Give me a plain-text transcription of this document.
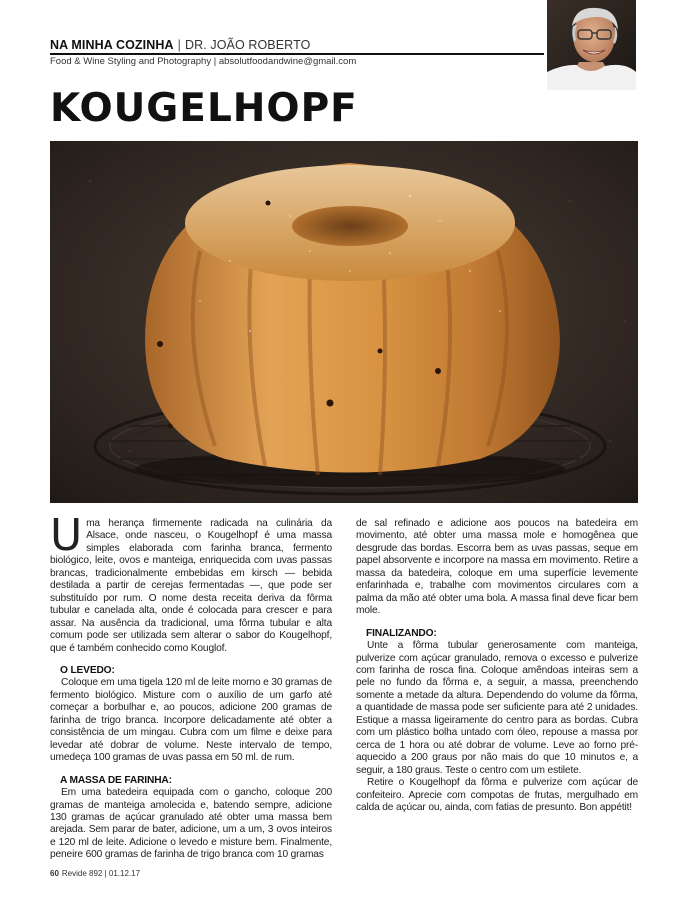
NA MINHA COZINHA | DR. JOÃO ROBERTO
Food & Wine Styling and Photography | absolutfoodandwine@gmail.com
KOUGELHOPF

Uma herança firmemente radicada na culinária da Alsace, onde nasceu, o Kougelhopf é uma massa simples elaborada com farinha branca, fermento biológico, leite, ovos e manteiga, enriquecida com uvas passas brancas, tradicionalmente embebidas em kirsch — bebida destilada a partir de cerejas fermentadas —, que pode ser substituído por rum. O nome desta receita deriva da fôrma tubular e canelada alta, onde é colocada para crescer e para assar. Na ausência da tradicional, uma fôrma tubular e alta comum pode ser utilizada sem alterar o sabor do Kougelhopf, que é também conhecido como Kouglof.

O LEVEDO:

Coloque em uma tigela 120 ml de leite morno e 30 gramas de fermento biológico. Misture com o auxílio de um garfo até começar a borbulhar e, ao poucos, adicione 200 gramas de farinha de trigo branca. Incorpore delicadamente até obter a consistência de um mingau. Cubra com um filme e deixe para levedar até dobrar de volume. Neste intervalo de tempo, umedeça 100 gramas de uvas passa em 50 ml. de rum.

A MASSA DE FARINHA:

Em uma batedeira equipada com o gancho, coloque 200 gramas de manteiga amolecida e, batendo sempre, adicione 130 gramas de açúcar granulado até obter uma massa bem arejada. Sem parar de bater, adicione, um a um, 3 ovos inteiros e 120 ml de leite. Adicione o levedo e misture bem. Finalmente, peneire 600 gramas de farinha de trigo branca com 10 gramas

de sal refinado e adicione aos poucos na batedeira em movimento, até obter uma massa mole e homogênea que desgrude das bordas. Escorra bem as uvas passas, seque em papel absorvente e incorpore na massa em movimento. Retire a massa da batedeira, coloque em uma superfície levemente enfarinhada e, trabalhe com movimentos circulares com a palma da mão até obter uma bola. A massa final deve ficar bem mole.

FINALIZANDO:

Unte a fôrma tubular generosamente com manteiga, pulverize com açúcar granulado, remova o excesso e pulverize com farinha de rosca fina. Coloque amêndoas inteiras sem a pele no fundo da fôrma e, a seguir, a massa, preenchendo somente a metade da altura. Dependendo do volume da fôrma, a quantidade de massa pode ser suficiente para até 2 unidades. Estique a massa ligeiramente do centro para as bordas. Cubra com um plástico bolha untado com óleo, repouse a massa por cerca de 1 hora ou até dobrar de volume. Leve ao forno pré-aquecido a 200 graus por não mais do que 10 minutos e, a seguir, a 180 graus. Teste o centro com um estilete.

Retire o Kougelhopf da fôrma e pulverize com açúcar de confeiteiro. Aprecie com compotas de frutas, mergulhado em calda de açúcar ou, ainda, com fatias de presunto. Bon appétit!

60 Revide 892 | 01.12.17
